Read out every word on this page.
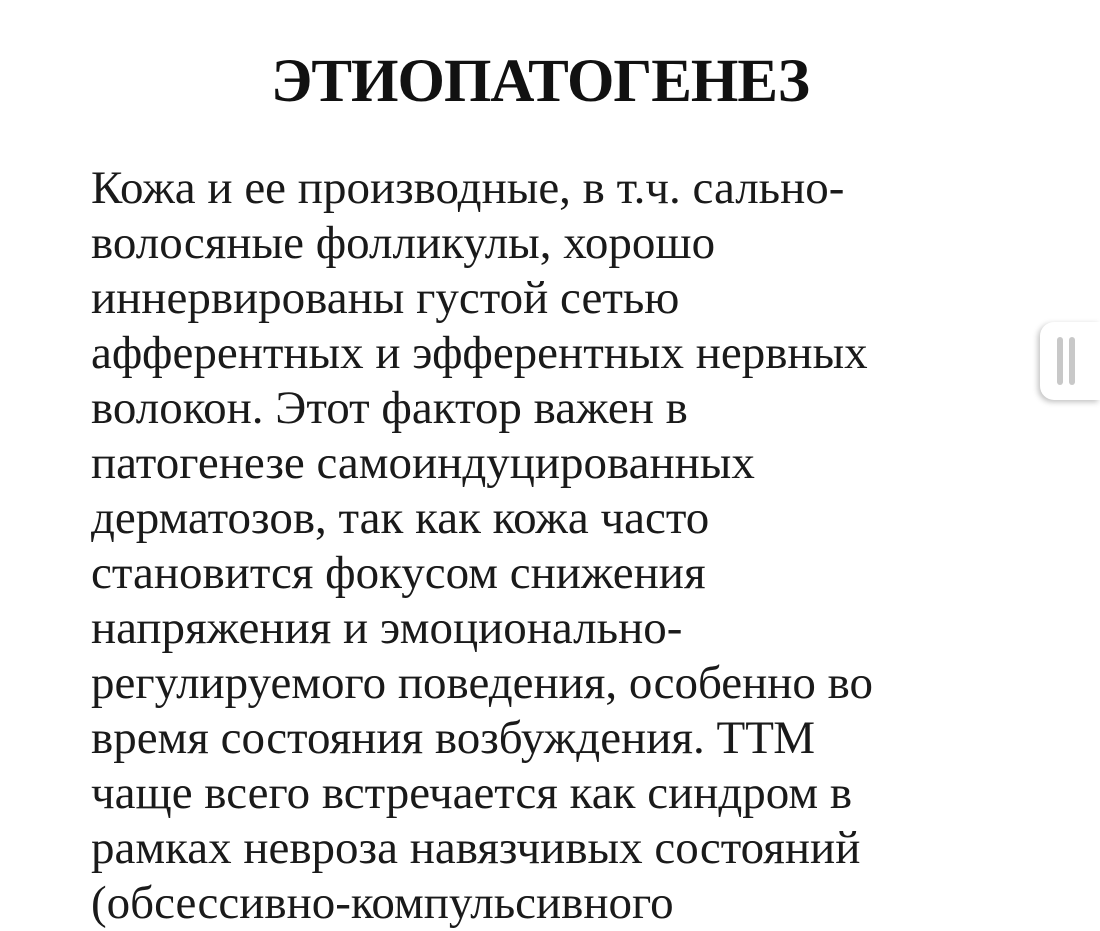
ЭТИОПАТОГЕНЕЗ

Кожа и ее производные, в т.ч. сально-
волосяные фолликулы, хорошо
иннервированы густой сетью
афферентных и эфферентных нервных
волокон. Этот фактор важен в
патогенезе самоиндуцированных
дерматозов, так как кожа часто
становится фокусом снижения
напряжения и эмоционально-
регулируемого поведения, особенно во
время состояния возбуждения. ТТМ
чаще всего встречается как синдром в
рамках невроза навязчивых состояний
(обсессивно-компульсивного
